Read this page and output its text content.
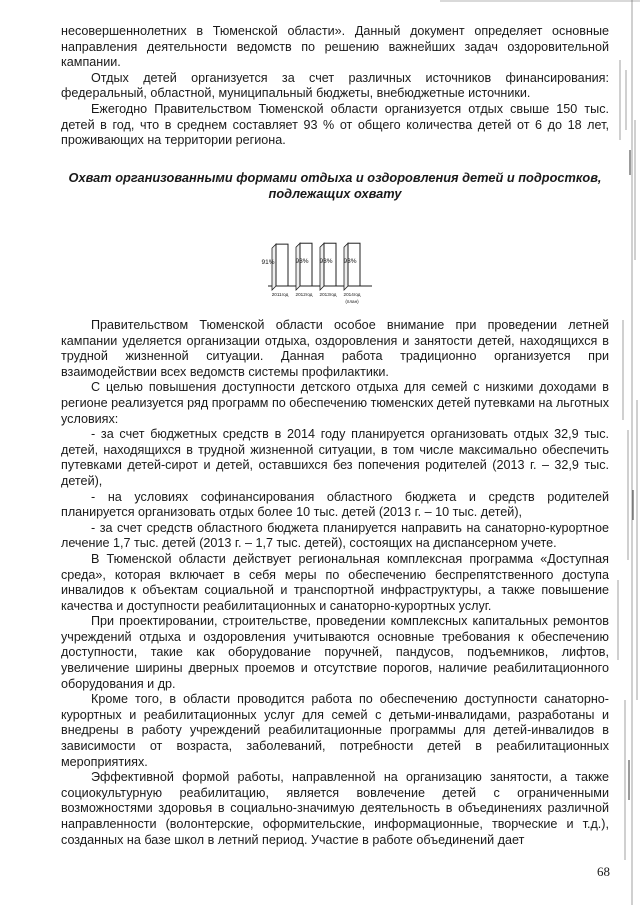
несовершеннолетних в Тюменской области». Данный документ определяет основные направления деятельности ведомств по решению важнейших задач оздоровительной кампании.

Отдых детей организуется за счет различных источников финансирования: федеральный, областной, муниципальный бюджеты, внебюджетные источники.

Ежегодно Правительством Тюменской области организуется отдых свыше 150 тыс. детей в год, что в среднем составляет 93 % от общего количества детей от 6 до 18 лет, проживающих на территории региона.

Охват организованными формами отдыха и оздоровления детей и подростков,

подлежащих охвату

91%
2011год
93%
2012год
93%
2013год
93%
2014год
(план)

Правительством Тюменской области особое внимание при проведении летней кампании уделяется организации отдыха, оздоровления и занятости детей, находящихся в трудной жизненной ситуации. Данная работа традиционно организуется при взаимодействии всех ведомств системы профилактики.

С целью повышения доступности детского отдыха для семей с низкими доходами в регионе реализуется ряд программ по обеспечению тюменских детей путевками на льготных условиях:

- за счет бюджетных средств в 2014 году планируется организовать отдых 32,9 тыс. детей, находящихся в трудной жизненной ситуации, в том числе максимально обеспечить путевками детей-сирот и детей, оставшихся без попечения родителей (2013 г. – 32,9 тыс. детей),

- на условиях софинансирования областного бюджета и средств родителей планируется организовать отдых более 10 тыс. детей (2013 г. – 10 тыс. детей),

- за счет средств областного бюджета планируется направить на санаторно-курортное лечение 1,7 тыс. детей (2013 г. – 1,7 тыс. детей), состоящих на диспансерном учете.

В Тюменской области действует региональная комплексная программа «Доступная среда», которая включает в себя меры по обеспечению беспрепятственного доступа инвалидов к объектам социальной и транспортной инфраструктуры, а также повышение качества и доступности реабилитационных и санаторно-курортных услуг.

При проектировании, строительстве, проведении комплексных капитальных ремонтов учреждений отдыха и оздоровления учитываются основные требования к обеспечению доступности, такие как оборудование поручней, пандусов, подъемников, лифтов, увеличение ширины дверных проемов и отсутствие порогов, наличие реабилитационного оборудования и др.

Кроме того, в области проводится работа по обеспечению доступности санаторно-курортных и реабилитационных услуг для семей с детьми-инвалидами, разработаны и внедрены в работу учреждений реабилитационные программы для детей-инвалидов в зависимости от возраста, заболеваний, потребности детей в реабилитационных мероприятиях.

Эффективной формой работы, направленной на организацию занятости, а также социокультурную реабилитацию, является вовлечение детей с ограниченными возможностями здоровья в социально-значимую деятельность в объединениях различной направленности (волонтерские, оформительские, информационные, творческие и т.д.), созданных на базе школ в летний период. Участие в работе объединений дает

68
